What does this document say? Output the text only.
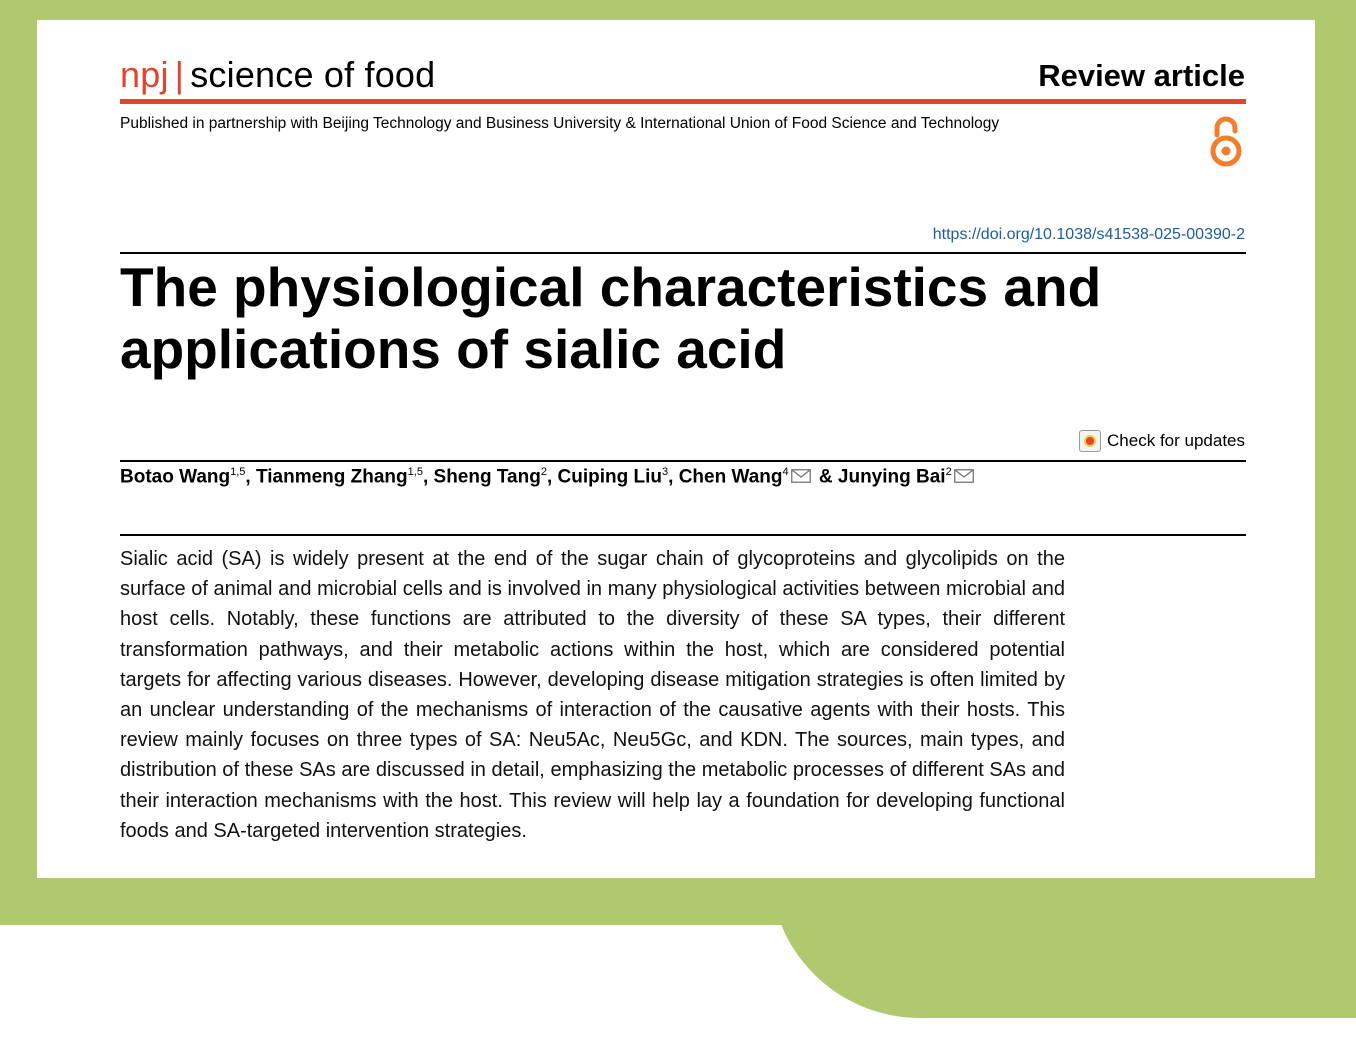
npj | science of food	Review article
Published in partnership with Beijing Technology and Business University & International Union of Food Science and Technology
https://doi.org/10.1038/s41538-025-00390-2
The physiological characteristics and applications of sialic acid
Check for updates
Botao Wang$^{1,5}$, Tianmeng Zhang$^{1,5}$, Sheng Tang$^2$, Cuiping Liu$^3$, Chen Wang$^4$ & Junying Bai$^2$

Sialic acid (SA) is widely present at the end of the sugar chain of glycoproteins and glycolipids on the surface of animal and microbial cells and is involved in many physiological activities between microbial and host cells. Notably, these functions are attributed to the diversity of these SA types, their different transformation pathways, and their metabolic actions within the host, which are considered potential targets for affecting various diseases. However, developing disease mitigation strategies is often limited by an unclear understanding of the mechanisms of interaction of the causative agents with their hosts. This review mainly focuses on three types of SA: Neu5Ac, Neu5Gc, and KDN. The sources, main types, and distribution of these SAs are discussed in detail, emphasizing the metabolic processes of different SAs and their interaction mechanisms with the host. This review will help lay a foundation for developing functional foods and SA-targeted intervention strategies.
